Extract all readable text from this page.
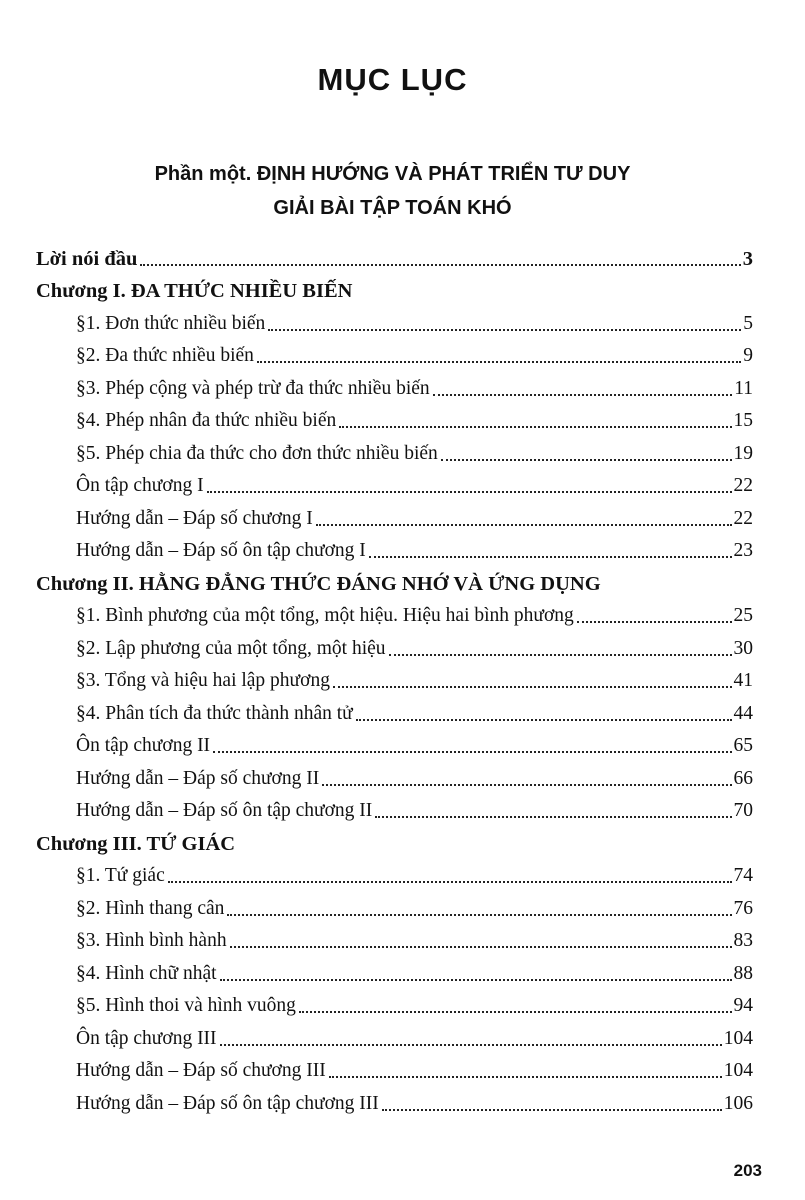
MỤC LỤC
Phần một. ĐỊNH HƯỚNG VÀ PHÁT TRIỂN TƯ DUY
GIẢI BÀI TẬP TOÁN KHÓ
Lời nói đầu	3
Chương I. ĐA THỨC NHIỀU BIẾN
§1. Đơn thức nhiều biến	5
§2. Đa thức nhiều biến	9
§3. Phép cộng và phép trừ đa thức nhiều biến	11
§4. Phép nhân đa thức nhiều biến	15
§5. Phép chia đa thức cho đơn thức nhiều biến	19
Ôn tập chương I	22
Hướng dẫn – Đáp số chương I	22
Hướng dẫn – Đáp số ôn tập chương I	23
Chương II. HẰNG ĐẲNG THỨC ĐÁNG NHỚ VÀ ỨNG DỤNG
§1. Bình phương của một tổng, một hiệu. Hiệu hai bình phương	25
§2. Lập phương của một tổng, một hiệu	30
§3. Tổng và hiệu hai lập phương	41
§4. Phân tích đa thức thành nhân tử	44
Ôn tập chương II	65
Hướng dẫn – Đáp số chương II	66
Hướng dẫn – Đáp số ôn tập chương II	70
Chương III. TỨ GIÁC
§1. Tứ giác	74
§2. Hình thang cân	76
§3. Hình bình hành	83
§4. Hình chữ nhật	88
§5. Hình thoi và hình vuông	94
Ôn tập chương III	104
Hướng dẫn – Đáp số chương III	104
Hướng dẫn – Đáp số ôn tập chương III	106
203
